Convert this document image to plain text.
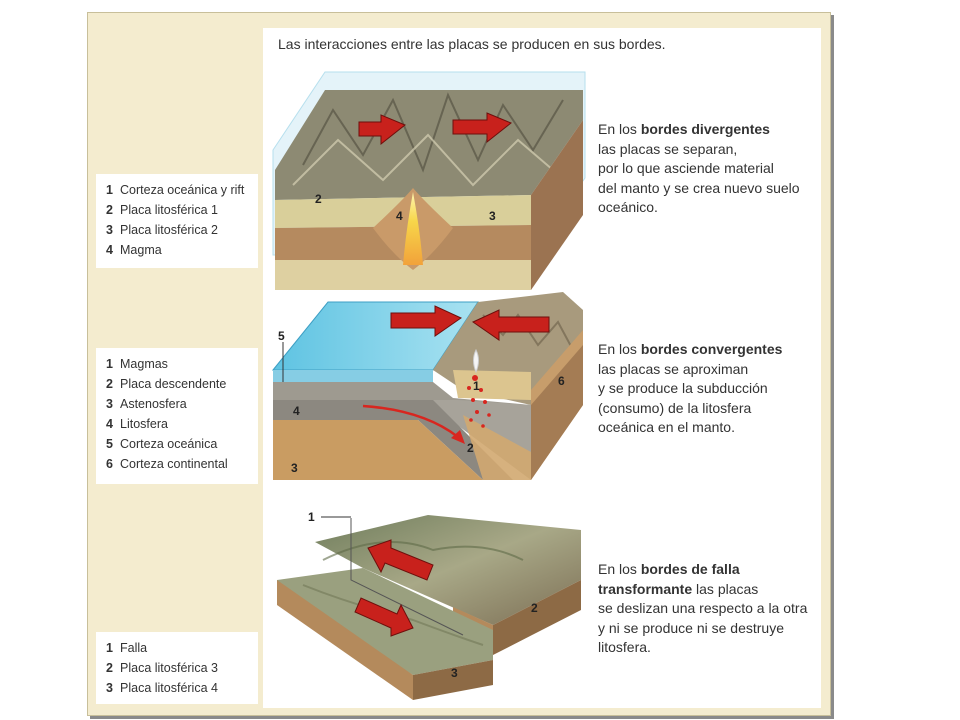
Las interacciones entre las placas se producen en sus bordes.
1 Corteza oceánica y rift
2 Placa litosférica 1
3 Placa litosférica 2
4 Magma
1 Magmas
2 Placa descendente
3 Astenosfera
4 Litosfera
5 Corteza oceánica
6 Corteza continental
1 Falla
2 Placa litosférica 3
3 Placa litosférica 4
En los bordes divergentes
las placas se separan,
por lo que asciende material
del manto y se crea nuevo suelo
oceánico.
En los bordes convergentes
las placas se aproximan
y se produce la subducción
(consumo) de la litosfera
oceánica en el manto.
En los bordes de falla
transformante las placas
se deslizan una respecto a la otra
y ni se produce ni se destruye
litosfera.
2
4	3
5
1	6
4
2
3
1
2
3
